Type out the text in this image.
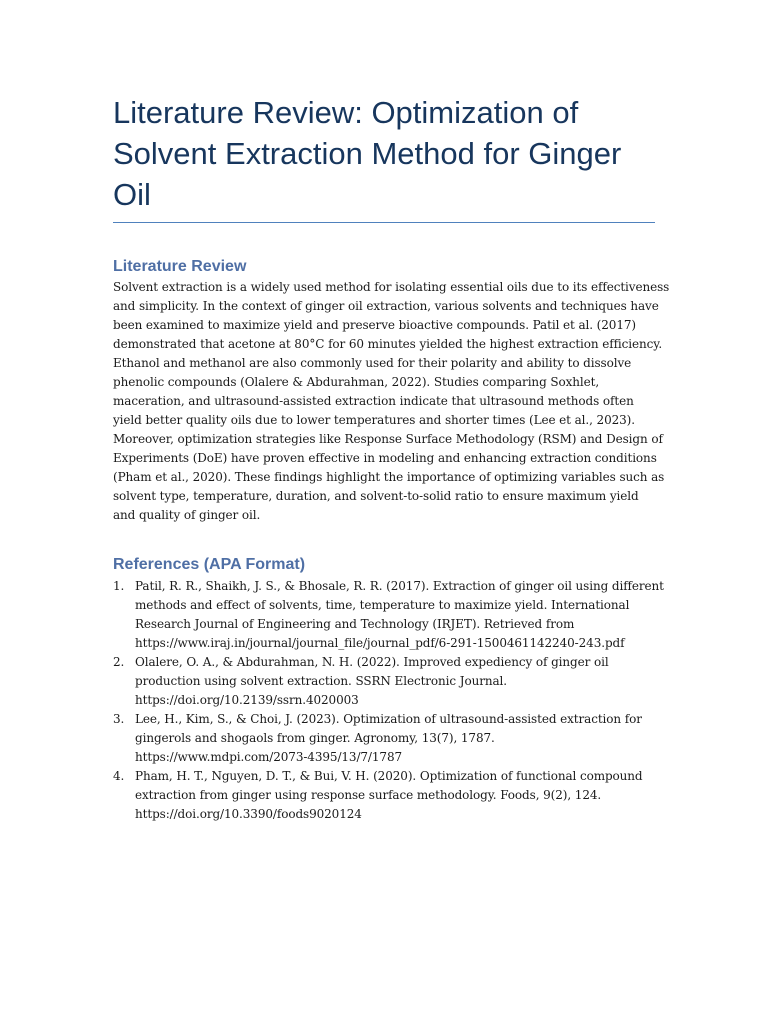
Literature Review: Optimization of
Solvent Extraction Method for Ginger
Oil
Literature Review

Solvent extraction is a widely used method for isolating essential oils due to its effectiveness
and simplicity. In the context of ginger oil extraction, various solvents and techniques have
been examined to maximize yield and preserve bioactive compounds. Patil et al. (2017)
demonstrated that acetone at 80°C for 60 minutes yielded the highest extraction efficiency.
Ethanol and methanol are also commonly used for their polarity and ability to dissolve
phenolic compounds (Olalere & Abdurahman, 2022). Studies comparing Soxhlet,
maceration, and ultrasound-assisted extraction indicate that ultrasound methods often
yield better quality oils due to lower temperatures and shorter times (Lee et al., 2023).
Moreover, optimization strategies like Response Surface Methodology (RSM) and Design of
Experiments (DoE) have proven effective in modeling and enhancing extraction conditions
(Pham et al., 2020). These findings highlight the importance of optimizing variables such as
solvent type, temperature, duration, and solvent-to-solid ratio to ensure maximum yield
and quality of ginger oil.

References (APA Format)
1. Patil, R. R., Shaikh, J. S., & Bhosale, R. R. (2017). Extraction of ginger oil using different
methods and effect of solvents, time, temperature to maximize yield. International
Research Journal of Engineering and Technology (IRJET). Retrieved from
https://www.iraj.in/journal/journal_file/journal_pdf/6-291-1500461142240-243.pdf
2. Olalere, O. A., & Abdurahman, N. H. (2022). Improved expediency of ginger oil
production using solvent extraction. SSRN Electronic Journal.
https://doi.org/10.2139/ssrn.4020003
3. Lee, H., Kim, S., & Choi, J. (2023). Optimization of ultrasound-assisted extraction for
gingerols and shogaols from ginger. Agronomy, 13(7), 1787.
https://www.mdpi.com/2073-4395/13/7/1787
4. Pham, H. T., Nguyen, D. T., & Bui, V. H. (2020). Optimization of functional compound
extraction from ginger using response surface methodology. Foods, 9(2), 124.
https://doi.org/10.3390/foods9020124
